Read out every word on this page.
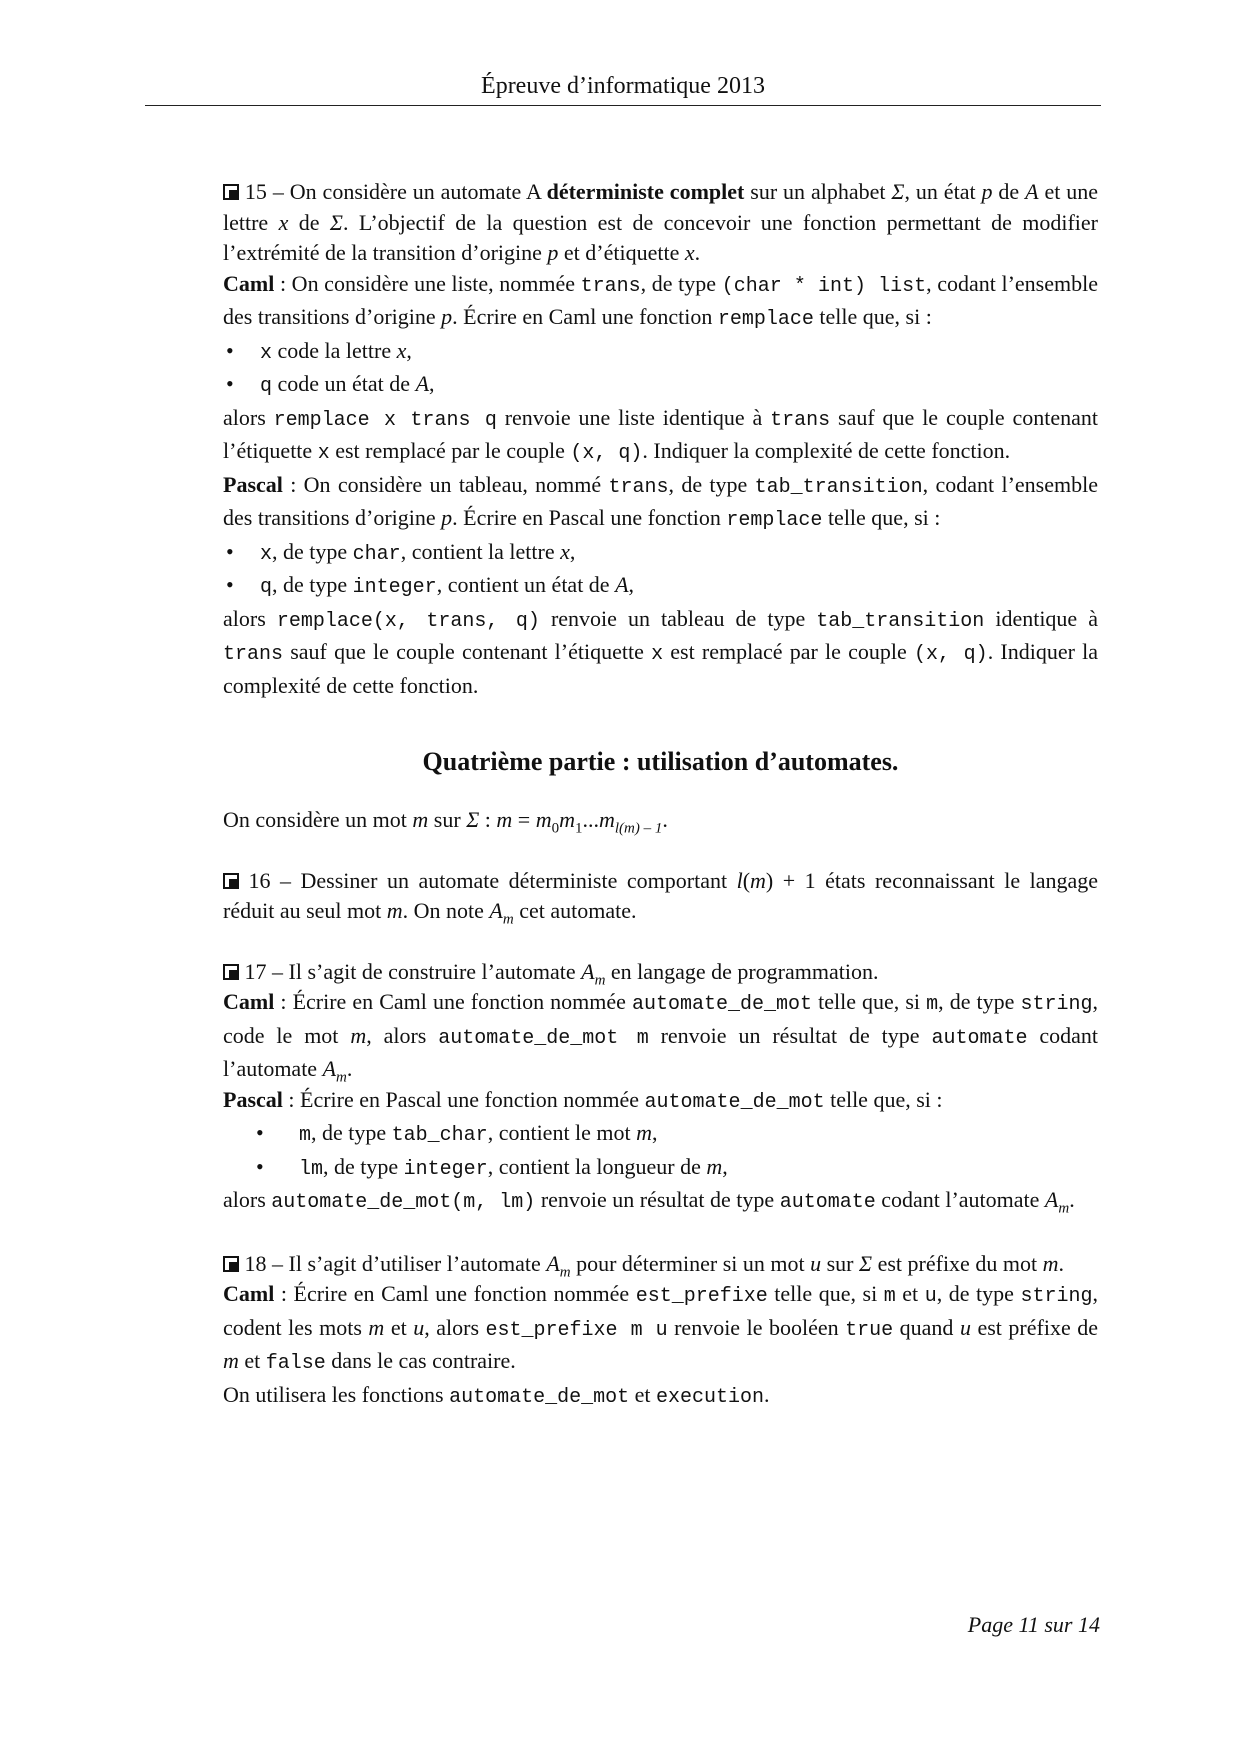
Épreuve d’informatique 2013

15 – On considère un automate A déterministe complet sur un alphabet Σ, un état p de A et une lettre x de Σ. L’objectif de la question est de concevoir une fonction permettant de modifier l’extrémité de la transition d’origine p et d’étiquette x.

Caml : On considère une liste, nommée trans, de type (char * int) list, codant l’ensemble des transitions d’origine p. Écrire en Caml une fonction remplace telle que, si :

• x code la lettre x,
• q code un état de A,

alors remplace x trans q renvoie une liste identique à trans sauf que le couple contenant l’étiquette x est remplacé par le couple (x, q). Indiquer la complexité de cette fonction.

Pascal : On considère un tableau, nommé trans, de type tab_transition, codant l’ensemble des transitions d’origine p. Écrire en Pascal une fonction remplace telle que, si :

• x, de type char, contient la lettre x,
• q, de type integer, contient un état de A,

alors remplace(x, trans, q) renvoie un tableau de type tab_transition identique à trans sauf que le couple contenant l’étiquette x est remplacé par le couple (x, q). Indiquer la complexité de cette fonction.

Quatrième partie : utilisation d’automates.

On considère un mot m sur Σ : $m = m_0m_1...m_{l(m) - 1}$.

16 – Dessiner un automate déterministe comportant l(m) + 1 états reconnaissant le langage réduit au seul mot m. On note $A_m$ cet automate.

17 – Il s’agit de construire l’automate $A_m$ en langage de programmation.

Caml : Écrire en Caml une fonction nommée automate_de_mot telle que, si m, de type string, code le mot m, alors automate_de_mot m renvoie un résultat de type automate codant l’automate $A_m$.

Pascal : Écrire en Pascal une fonction nommée automate_de_mot telle que, si :

• m, de type tab_char, contient le mot m,
• lm, de type integer, contient la longueur de m,

alors automate_de_mot(m, lm) renvoie un résultat de type automate codant l’automate $A_m$.

18 – Il s’agit d’utiliser l’automate $A_m$ pour déterminer si un mot u sur Σ est préfixe du mot m.

Caml : Écrire en Caml une fonction nommée est_prefixe telle que, si m et u, de type string, codent les mots m et u, alors est_prefixe m u renvoie le booléen true quand u est préfixe de m et false dans le cas contraire.

On utilisera les fonctions automate_de_mot et execution.

Page 11 sur 14
